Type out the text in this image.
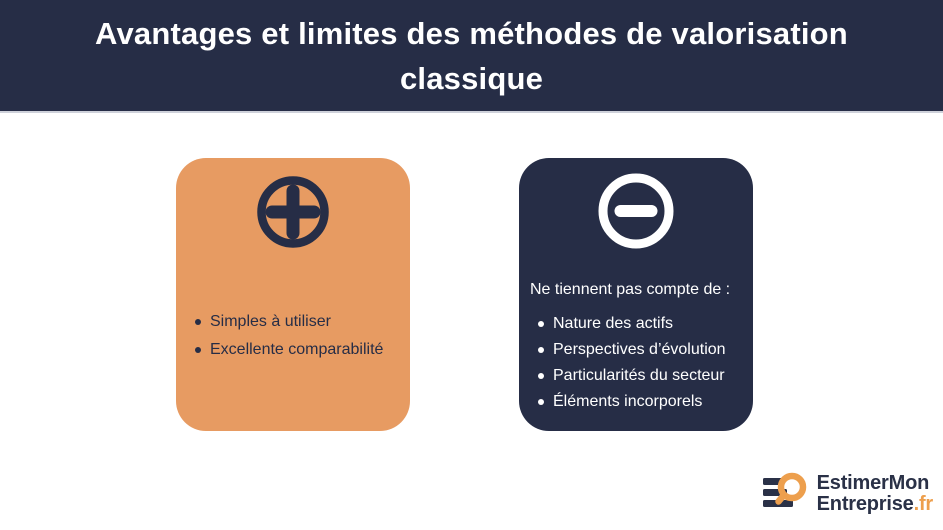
Avantages et limites des méthodes de valorisation
classique
Simples à utiliser
Excellente comparabilité

Ne tiennent pas compte de :

Nature des actifs
Perspectives d’évolution
Particularités du secteur
Éléments incorporels
EstimerMon
Entreprise.fr
